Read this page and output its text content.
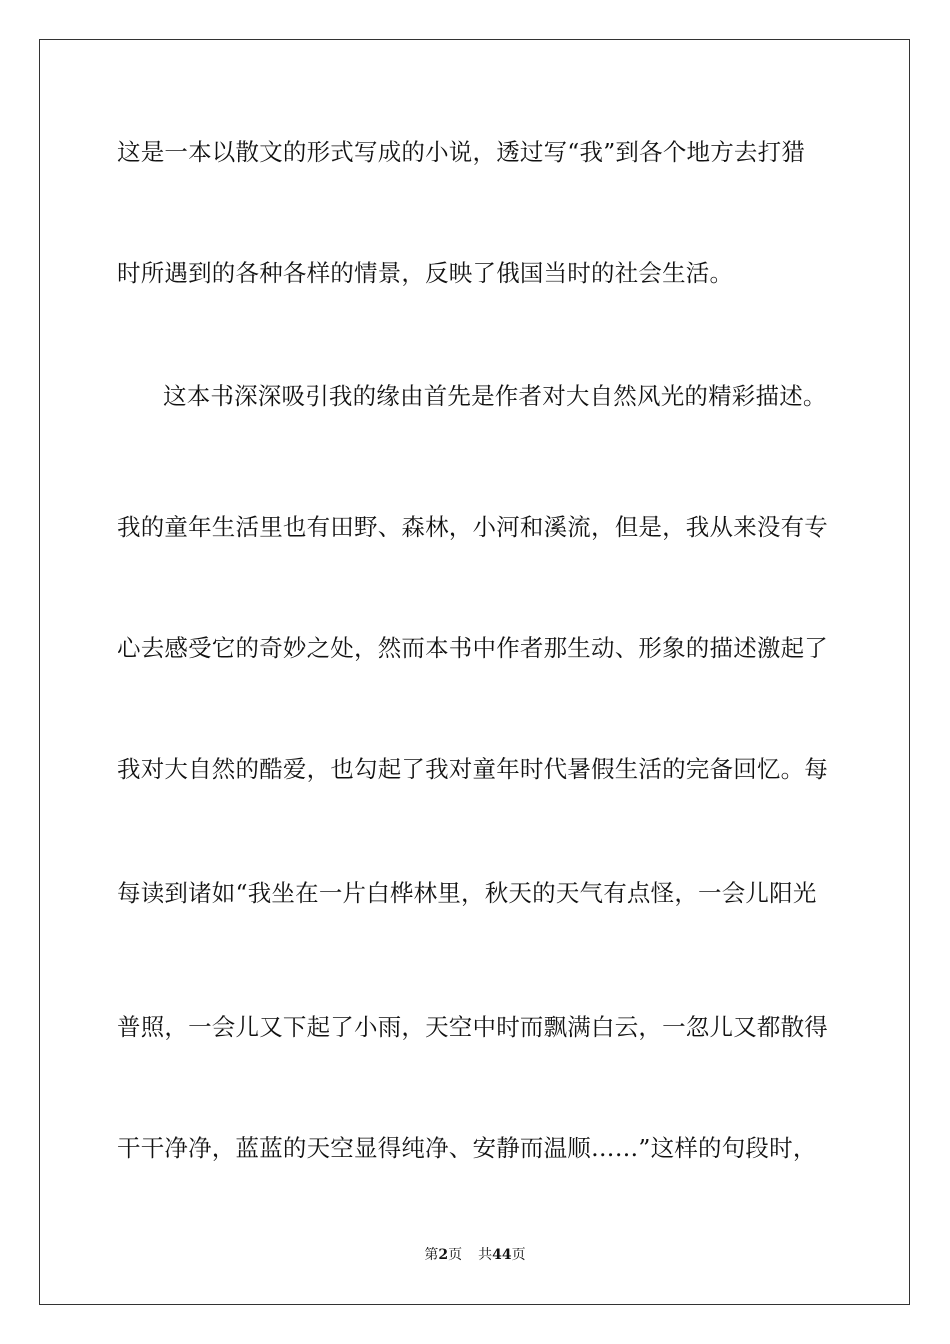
这是一本以散文的形式写成的小说，透过写“我”到各个地方去打猎
时所遇到的各种各样的情景，反映了俄国当时的社会生活。
这本书深深吸引我的缘由首先是作者对大自然风光的精彩描述。
我的童年生活里也有田野、森林，小河和溪流，但是，我从来没有专
心去感受它的奇妙之处，然而本书中作者那生动、形象的描述激起了
我对大自然的酷爱，也勾起了我对童年时代暑假生活的完备回忆。每
每读到诸如“我坐在一片白桦林里，秋天的天气有点怪，一会儿阳光
普照，一会儿又下起了小雨，天空中时而飘满白云，一忽儿又都散得
干干净净，蓝蓝的天空显得纯净、安静而温顺……”这样的句段时，
第2页 共44页
